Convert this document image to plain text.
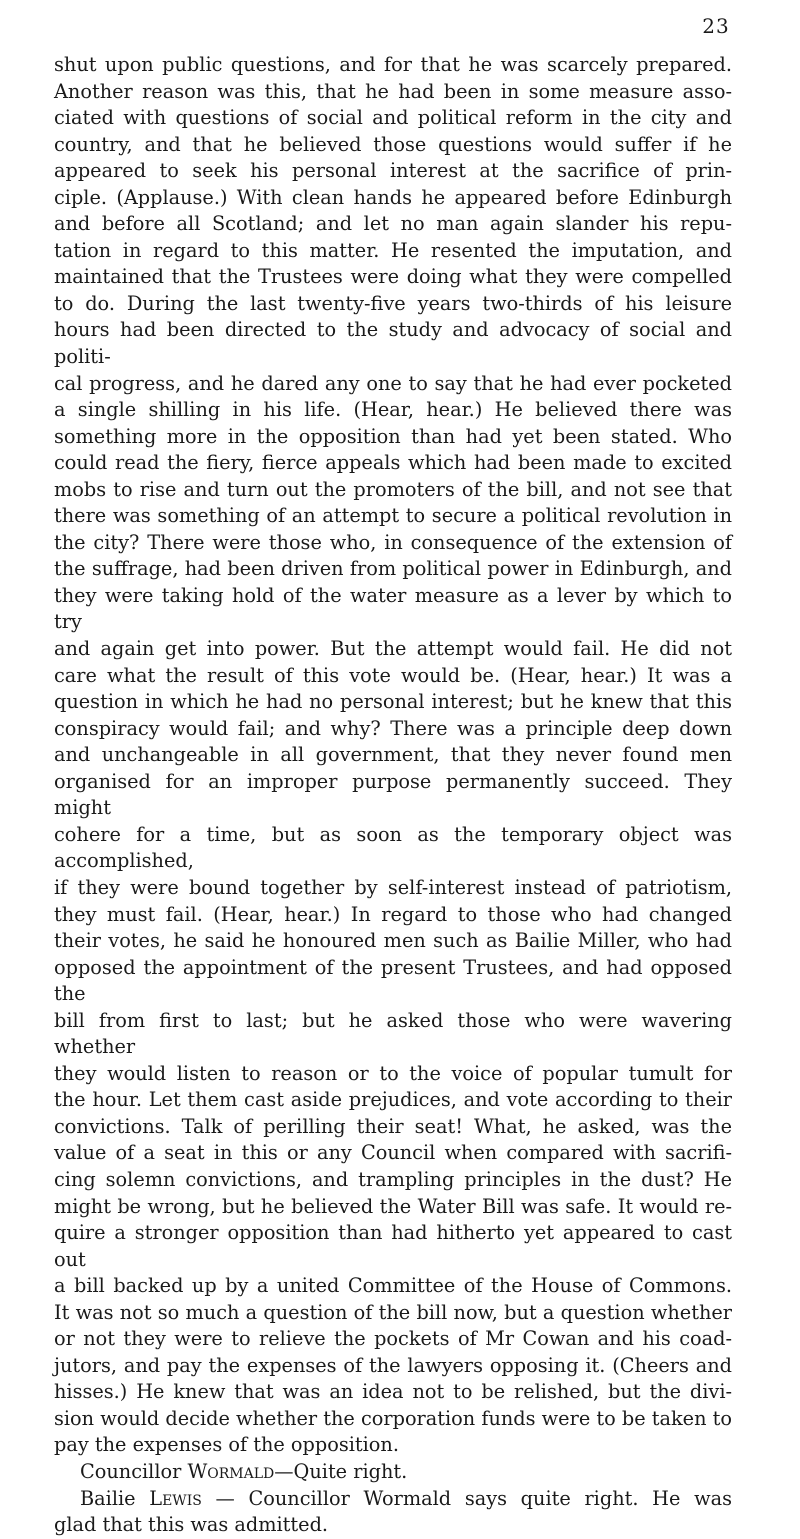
23

shut upon public questions, and for that he was scarcely prepared.

Another reason was this, that he had been in some measure asso-

ciated with questions of social and political reform in the city and

country, and that he believed those questions would suffer if he

appeared to seek his personal interest at the sacrifice of prin-

ciple. (Applause.) With clean hands he appeared before Edinburgh

and before all Scotland; and let no man again slander his repu-

tation in regard to this matter. He resented the imputation, and

maintained that the Trustees were doing what they were compelled

to do. During the last twenty-five years two-thirds of his leisure

hours had been directed to the study and advocacy of social and politi-

cal progress, and he dared any one to say that he had ever pocketed

a single shilling in his life. (Hear, hear.) He believed there was

something more in the opposition than had yet been stated. Who

could read the fiery, fierce appeals which had been made to excited

mobs to rise and turn out the promoters of the bill, and not see that

there was something of an attempt to secure a political revolution in

the city? There were those who, in consequence of the extension of

the suffrage, had been driven from political power in Edinburgh, and

they were taking hold of the water measure as a lever by which to try

and again get into power. But the attempt would fail. He did not

care what the result of this vote would be. (Hear, hear.) It was a

question in which he had no personal interest; but he knew that this

conspiracy would fail; and why? There was a principle deep down

and unchangeable in all government, that they never found men

organised for an improper purpose permanently succeed. They might

cohere for a time, but as soon as the temporary object was accomplished,

if they were bound together by self-interest instead of patriotism,

they must fail. (Hear, hear.) In regard to those who had changed

their votes, he said he honoured men such as Bailie Miller, who had

opposed the appointment of the present Trustees, and had opposed the

bill from first to last; but he asked those who were wavering whether

they would listen to reason or to the voice of popular tumult for

the hour. Let them cast aside prejudices, and vote according to their

convictions. Talk of perilling their seat! What, he asked, was the

value of a seat in this or any Council when compared with sacrifi-

cing solemn convictions, and trampling principles in the dust? He

might be wrong, but he believed the Water Bill was safe. It would re-

quire a stronger opposition than had hitherto yet appeared to cast out

a bill backed up by a united Committee of the House of Commons.

It was not so much a question of the bill now, but a question whether

or not they were to relieve the pockets of Mr Cowan and his coad-

jutors, and pay the expenses of the lawyers opposing it. (Cheers and

hisses.) He knew that was an idea not to be relished, but the divi-

sion would decide whether the corporation funds were to be taken to

pay the expenses of the opposition.

Councillor Wormald—Quite right.

Bailie Lewis — Councillor Wormald says quite right. He was

glad that this was admitted.
